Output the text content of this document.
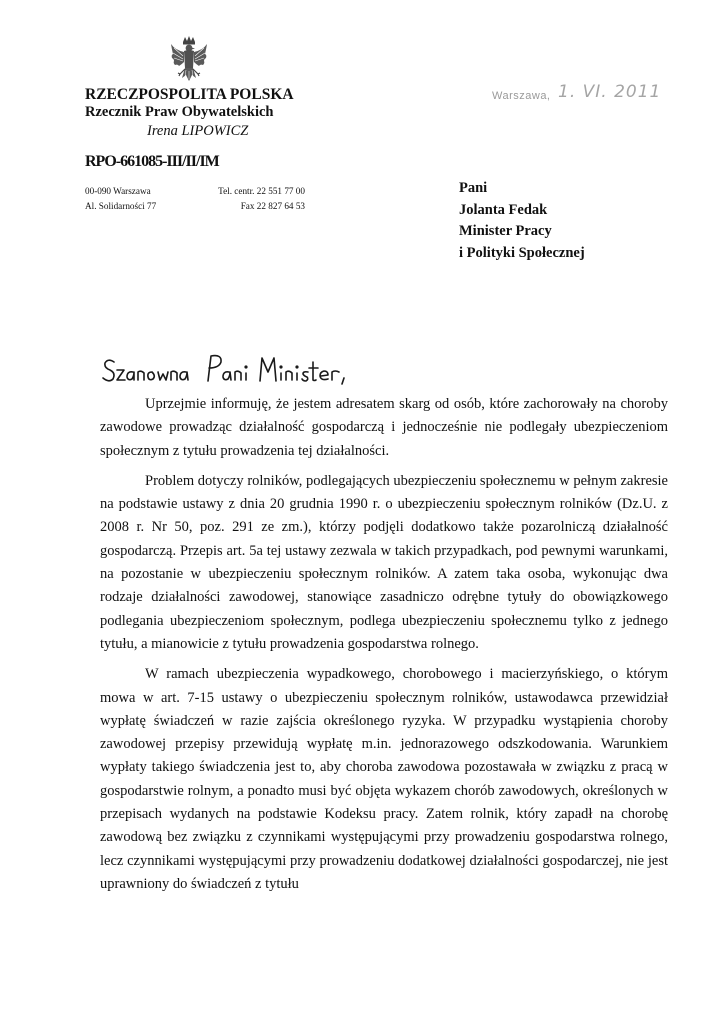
RZECZPOSPOLITA POLSKA
Rzecznik Praw Obywatelskich
Irena LIPOWICZ
RPO-661085-III/II/IM
00-090 Warszawa	Tel. centr. 22 551 77 00
Al. Solidarności 77	Fax 22 827 64 53
Warszawa, 1. VI. 2011
Pani
Jolanta Fedak
Minister Pracy
i Polityki Społecznej

Uprzejmie informuję, że jestem adresatem skarg od osób, które zachorowały na choroby zawodowe prowadząc działalność gospodarczą i jednocześnie nie podlegały ubezpieczeniom społecznym z tytułu prowadzenia tej działalności.

Problem dotyczy rolników, podlegających ubezpieczeniu społecznemu w pełnym zakresie na podstawie ustawy z dnia 20 grudnia 1990 r. o ubezpieczeniu społecznym rolników (Dz.U. z 2008 r. Nr 50, poz. 291 ze zm.), którzy podjęli dodatkowo także pozarolniczą działalność gospodarczą. Przepis art. 5a tej ustawy zezwala w takich przypadkach, pod pewnymi warunkami, na pozostanie w ubezpieczeniu społecznym rolników. A zatem taka osoba, wykonując dwa rodzaje działalności zawodowej, stanowiące zasadniczo odrębne tytuły do obowiązkowego podlegania ubezpieczeniom społecznym, podlega ubezpieczeniu społecznemu tylko z jednego tytułu, a mianowicie z tytułu prowadzenia gospodarstwa rolnego.

W ramach ubezpieczenia wypadkowego, chorobowego i macierzyńskiego, o którym mowa w art. 7-15 ustawy o ubezpieczeniu społecznym rolników, ustawodawca przewidział wypłatę świadczeń w razie zajścia określonego ryzyka. W przypadku wystąpienia choroby zawodowej przepisy przewidują wypłatę m.in. jednorazowego odszkodowania. Warunkiem wypłaty takiego świadczenia jest to, aby choroba zawodowa pozostawała w związku z pracą w gospodarstwie rolnym, a ponadto musi być objęta wykazem chorób zawodowych, określonych w przepisach wydanych na podstawie Kodeksu pracy. Zatem rolnik, który zapadł na chorobę zawodową bez związku z czynnikami występującymi przy prowadzeniu gospodarstwa rolnego, lecz czynnikami występującymi przy prowadzeniu dodatkowej działalności gospodarczej, nie jest uprawniony do świadczeń z tytułu
